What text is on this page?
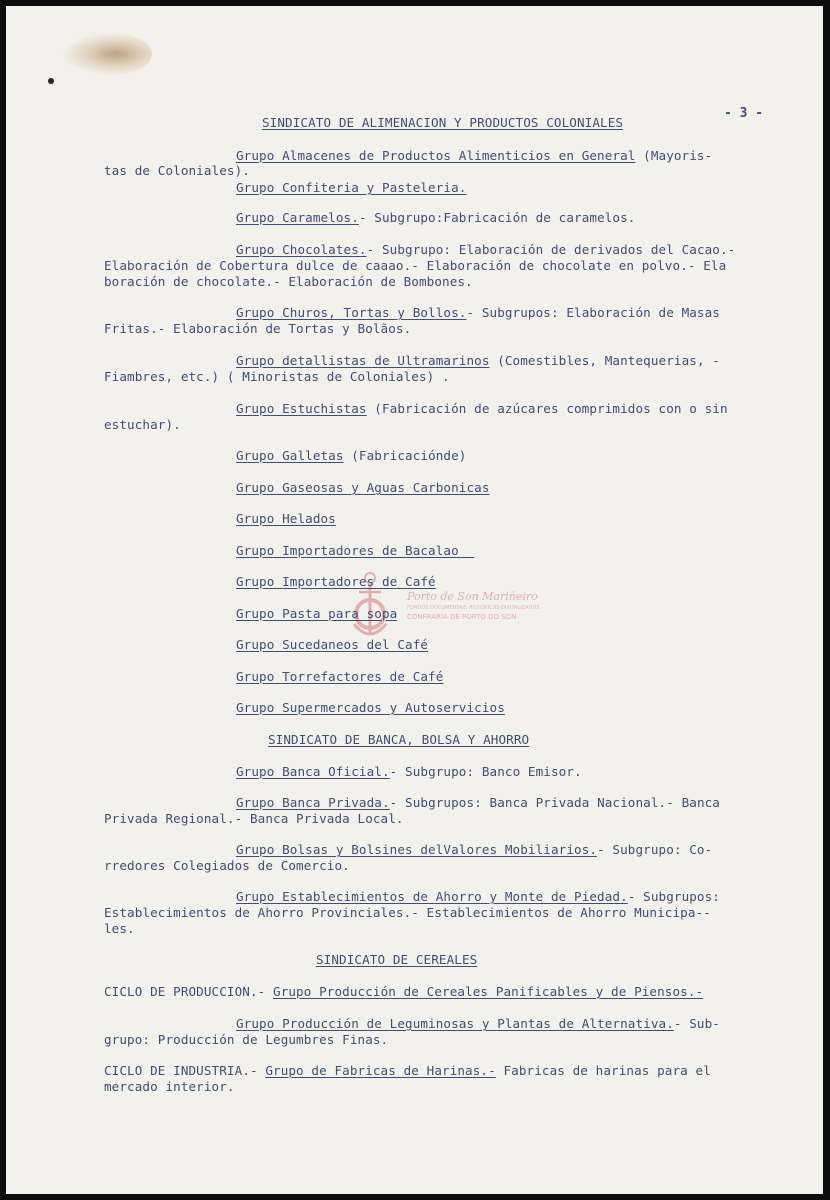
- 3 -
Porto de Son Mariñeiro
FONDOS DOCUMENTAIS HISTÓRICOS DIXITALIZADOS
CONFRARÍA DE PORTO DO SON
SINDICATO DE ALIMENACION Y PRODUCTOS COLONIALES
Grupo Almacenes de Productos Alimenticios en General (Mayoris-
tas de Coloniales).
Grupo Confiteria y Pasteleria.
Grupo Caramelos.- Subgrupo:Fabricación de caramelos.
Grupo Chocolates.- Subgrupo: Elaboración de derivados del Cacao.-
Elaboración de Cobertura dulce de caaao.- Elaboración de chocolate en polvo.- Ela
boración de chocolate.- Elaboración de Bombones.
Grupo Churos, Tortas y Bollos.- Subgrupos: Elaboración de Masas
Fritas.- Elaboración de Tortas y Bolãos.
Grupo detallistas de Ultramarinos (Comestibles, Mantequerias, -
Fiambres, etc.) ( Minoristas de Coloniales) .
Grupo Estuchistas (Fabricación de azúcares comprimidos con o sin
estuchar).
Grupo Galletas (Fabricaciónde)
Grupo Gaseosas y Aguas Carbonicas
Grupo Helados
Grupo Importadores de Bacalao
Grupo Importadores de Café
Grupo Pasta para sopa
Grupo Sucedaneos del Café
Grupo Torrefactores de Café
Grupo Supermercados y Autoservicios
SINDICATO DE BANCA, BOLSA Y AHORRO
Grupo Banca Oficial.- Subgrupo: Banco Emisor.
Grupo Banca Privada.- Subgrupos: Banca Privada Nacional.- Banca
Privada Regional.- Banca Privada Local.
Grupo Bolsas y Bolsines delValores Mobiliarios.- Subgrupo: Co-
rredores Colegiados de Comercio.
Grupo Establecimientos de Ahorro y Monte de Piedad.- Subgrupos:
Establecimientos de Ahorro Provinciales.- Establecimientos de Ahorro Municipa--
les.
SINDICATO DE CEREALES
CICLO DE PRODUCCION.- Grupo Producción de Cereales Panificables y de Piensos.-
Grupo Producción de Leguminosas y Plantas de Alternativa.- Sub-
grupo: Producción de Legumbres Finas.
CICLO DE INDUSTRIA.- Grupo de Fabricas de Harinas.- Fabricas de harinas para el
mercado interior.
